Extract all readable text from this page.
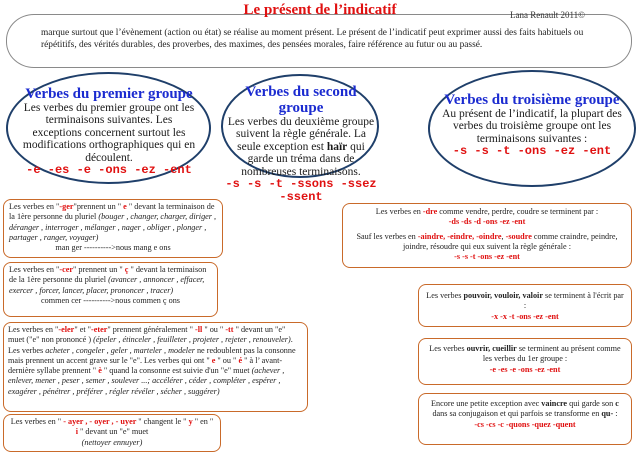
marque surtout que l’évènement (action ou état) se réalise au moment présent. Le présent de l’indicatif peut exprimer aussi des faits habituels ou répétitifs, des vérités durables, des proverbes, des maximes, des pensées morales, faire référence au futur ou au passé.
Le présent de l’indicatif	Lana Renault 2011©
Verbes du premier groupe
Les verbes du premier groupe ont les terminaisons suivantes. Les exceptions concernent surtout les modifications orthographiques qui en découlent.
-e -es -e -ons -ez -ent
Verbes du second groupe
Les verbes du deuxième groupe suivent la règle générale. La seule exception est haïr qui garde un tréma dans de nombreuses terminaisons.
-s -s -t -ssons -ssez -ssent
Verbes du troisième groupe
Au présent de l’indicatif, la plupart des verbes du troisième groupe ont les terminaisons suivantes :
-s -s -t -ons -ez -ent
Les verbes en "-ger"prennent un " e " devant la terminaison de la 1ère personne du pluriel (bouger , changer, charger, diriger , déranger , interroger , mélanger , nager , obliger , plonger , partager , ranger, voyager)
man ger ---------->nous mang e ons
Les verbes en "-cer" prennent un " ç " devant la terminaison de la 1ère personne du pluriel (avancer , annoncer , effacer, exercer , forcer, lancer, placer, prononcer , tracer)
commen cer ---------->nous commen ç ons
Les verbes en "-eler" et "-eter" prennent généralement " -ll " ou " -tt " devant un "e" muet ("e" non prononcé ) (épeler , étinceler , feuilleter , projeter , rejeter , renouveler). Les verbes acheter , congeler , geler , marteler , modeler ne redoublent pas la consonne mais prennent un accent grave sur le "e". Les verbes qui ont " e " ou " é " à l’ avant-dernière syllabe prennent " è " quand la consonne est suivie d'un "e" muet (achever , enlever, mener , peser , semer , soulever ...; accélérer , céder , compléter , espérer , exagérer , pénétrer , préférer , régler révéler , sécher , suggérer)
Les verbes en " - ayer , - oyer , - uyer " changent le " y " en " i " devant un "e" muet
(nettoyer ennuyer)
Les verbes en -dre comme vendre, perdre, coudre se terminent par :
-ds -ds -d -ons -ez -ent
Sauf les verbes en -aindre, -eindre, -oindre, -soudre comme craindre, peindre, joindre, résoudre qui eux suivent la règle générale :
-s -s -t -ons -ez -ent
Les verbes pouvoir, vouloir, valoir se terminent à l'écrit par :
-x -x -t -ons -ez -ent
Les verbes ouvrir, cueillir se terminent au présent comme les verbes du 1er groupe :
-e -es -e -ons -ez -ent
Encore une petite exception avec vaincre qui garde son c dans sa conjugaison et qui parfois se transforme en qu- :
-cs -cs -c -quons -quez -quent
